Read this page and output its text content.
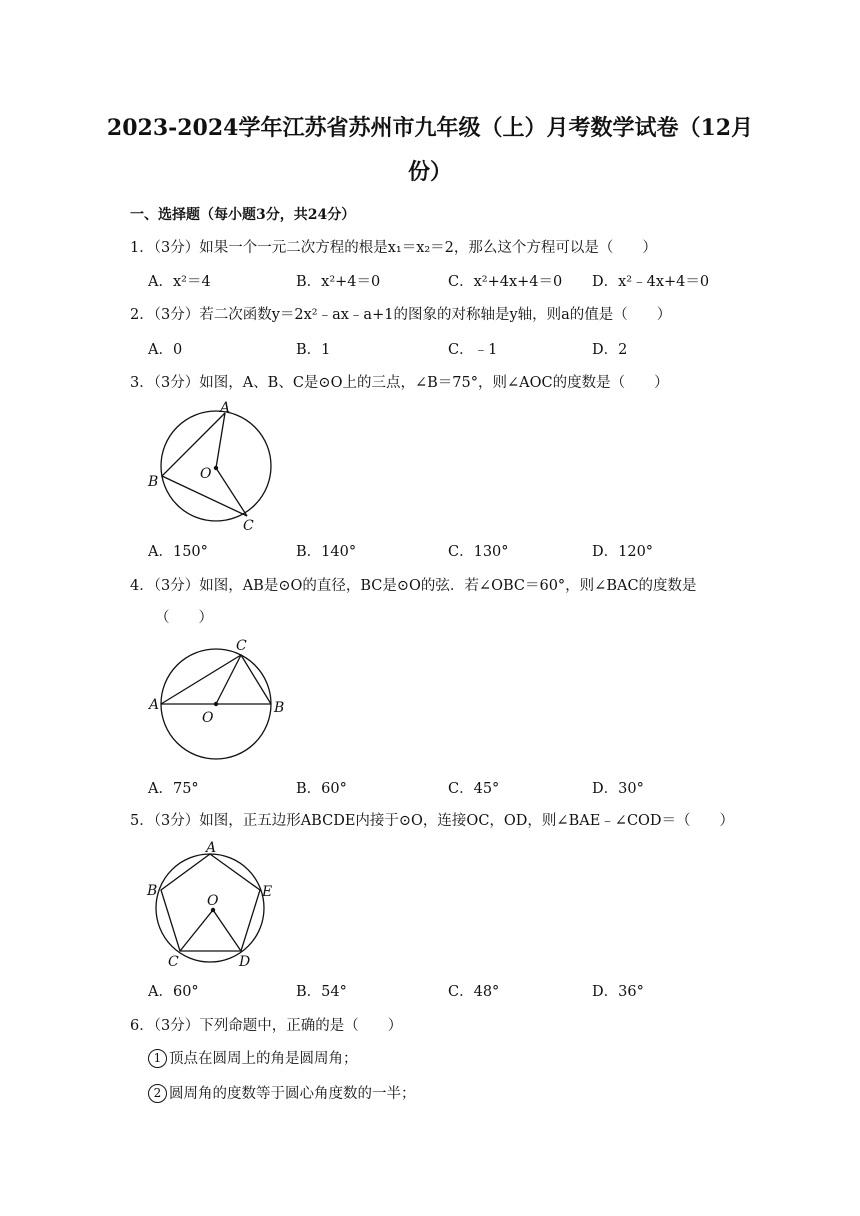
2023-2024学年江苏省苏州市九年级（上）月考数学试卷（12月
份）
一、选择题（每小题3分，共24分）
1．（3分）如果一个一元二次方程的根是x₁＝x₂＝2，那么这个方程可以是（　　）
A．x²＝4	B．x²+4＝0	C．x²+4x+4＝0 D．x²﹣4x+4＝0
2．（3分）若二次函数y＝2x²﹣ax﹣a+1的图象的对称轴是y轴，则a的值是（　　）
A．0	B．1	C．﹣1	D．2
3．（3分）如图，A、B、C是⊙O上的三点，∠B＝75°，则∠AOC的度数是（　　）
A
B
C
O
A．150°	B．140°	C．130°	D．120°
4．（3分）如图，AB是⊙O的直径，BC是⊙O的弦．若∠OBC＝60°，则∠BAC的度数是
（　　）
A	B
C
O
A．75°	B．60°	C．45°	D．30°
5．（3分）如图，正五边形ABCDE内接于⊙O，连接OC，OD，则∠BAE﹣∠COD＝（　　）
A
B
C	D
E
O
A．60°	B．54°	C．48°	D．36°
6．（3分）下列命题中，正确的是（　　）
1 顶点在圆周上的角是圆周角；
2 圆周角的度数等于圆心角度数的一半；
